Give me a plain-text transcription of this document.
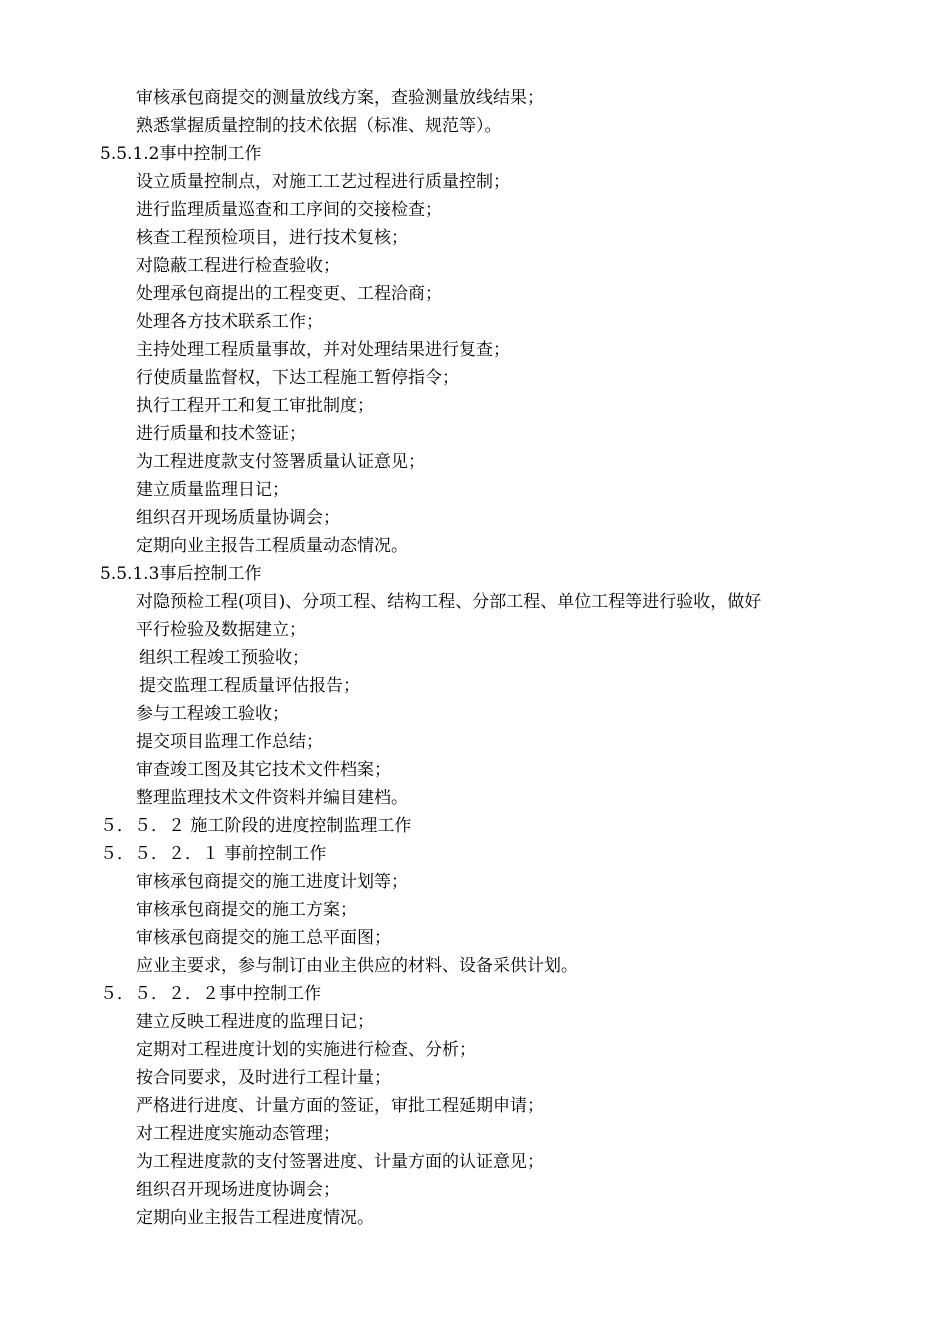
审核承包商提交的测量放线方案，查验测量放线结果；
熟悉掌握质量控制的技术依据（标准、规范等）。
5.5.1.2事中控制工作
设立质量控制点，对施工工艺过程进行质量控制；
进行监理质量巡查和工序间的交接检查；
核查工程预检项目，进行技术复核；
对隐蔽工程进行检查验收；
处理承包商提出的工程变更、工程洽商；
处理各方技术联系工作；
主持处理工程质量事故，并对处理结果进行复查；
行使质量监督权，下达工程施工暂停指令；
执行工程开工和复工审批制度；
进行质量和技术签证；
为工程进度款支付签署质量认证意见；
建立质量监理日记；
组织召开现场质量协调会；
定期向业主报告工程质量动态情况。
5.5.1.3事后控制工作
对隐预检工程(项目)、分项工程、结构工程、分部工程、单位工程等进行验收，做好
平行检验及数据建立；
组织工程竣工预验收；
提交监理工程质量评估报告；
参与工程竣工验收；
提交项目监理工作总结；
审查竣工图及其它技术文件档案；
整理监理技术文件资料并编目建档。
５．５．２ 施工阶段的进度控制监理工作
５．５．２．１ 事前控制工作
审核承包商提交的施工进度计划等；
审核承包商提交的施工方案；
审核承包商提交的施工总平面图；
应业主要求，参与制订由业主供应的材料、设备采供计划。
５．５．２．２事中控制工作
建立反映工程进度的监理日记；
定期对工程进度计划的实施进行检查、分析；
按合同要求，及时进行工程计量；
严格进行进度、计量方面的签证，审批工程延期申请；
对工程进度实施动态管理；
为工程进度款的支付签署进度、计量方面的认证意见；
组织召开现场进度协调会；
定期向业主报告工程进度情况。
